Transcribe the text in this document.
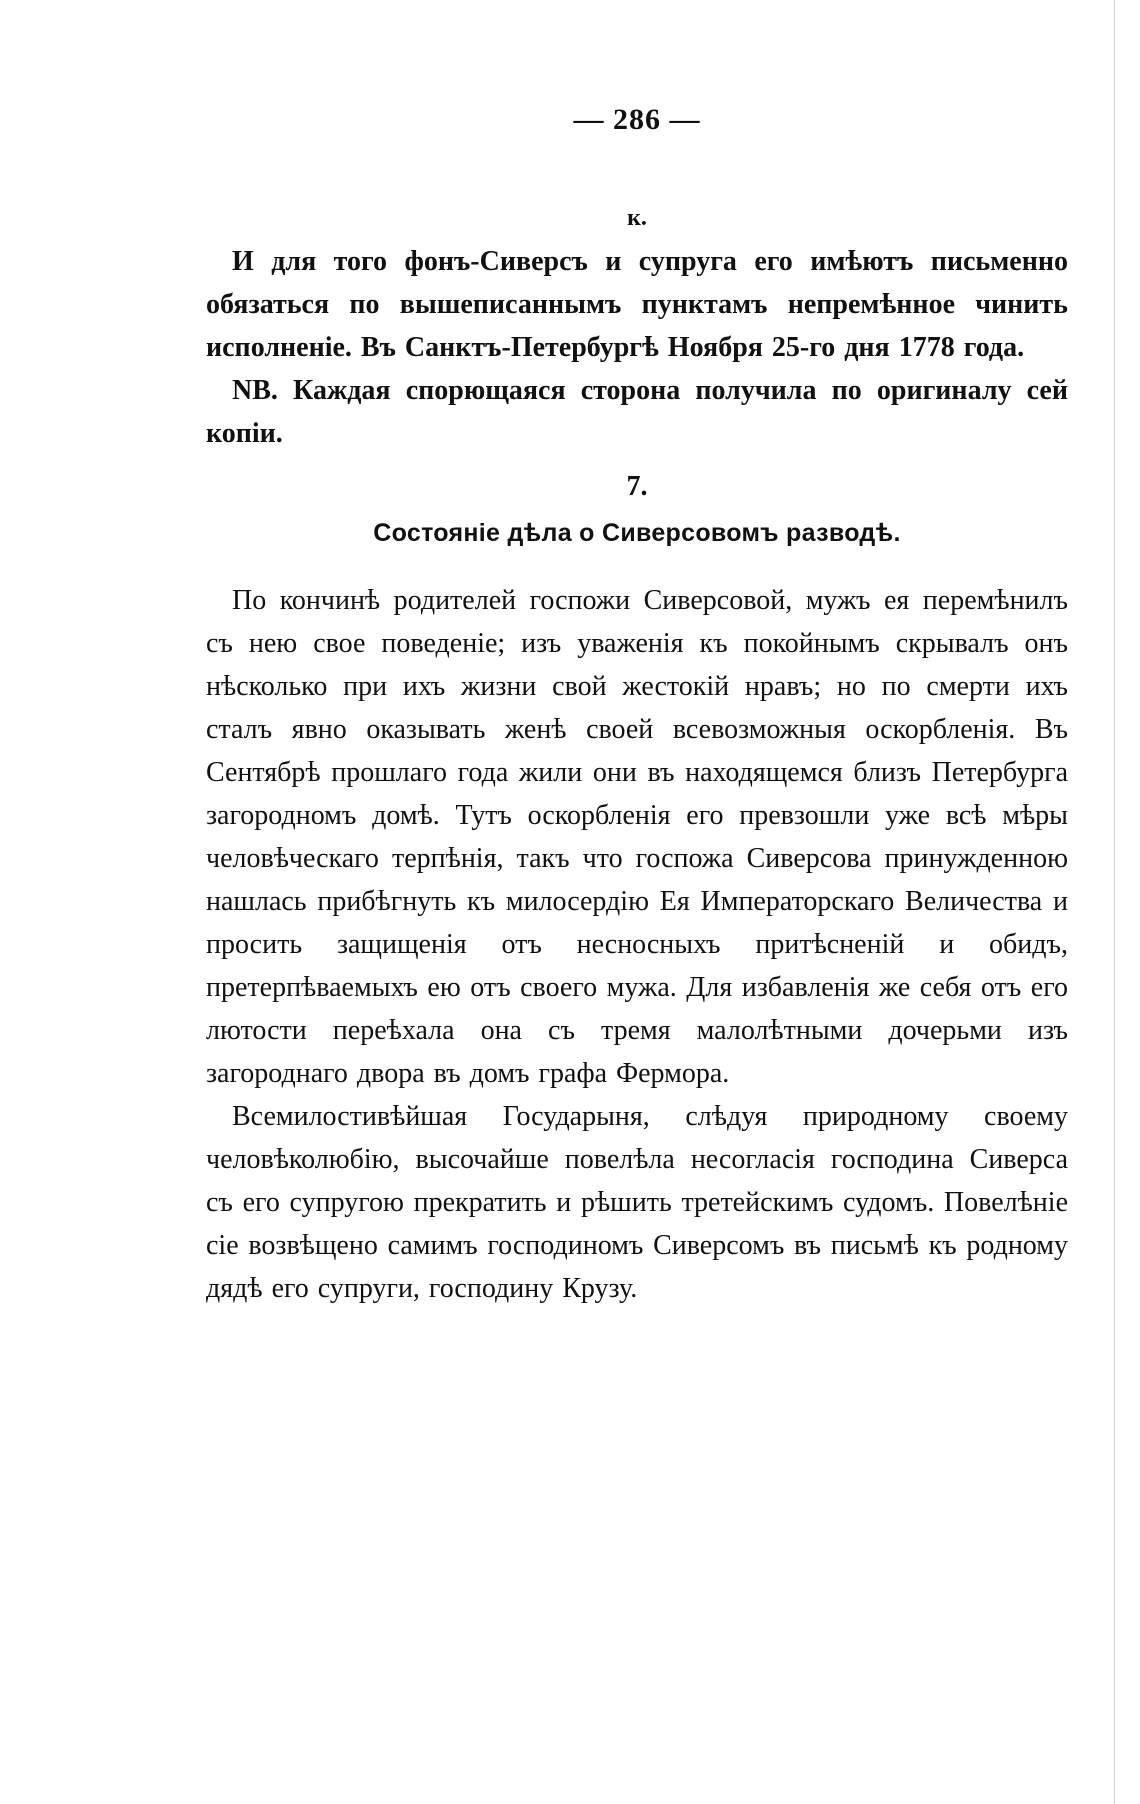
— 286 —
к.

И для того фонъ-Сиверсъ и супруга его имѣютъ письменно обязаться по вышеписаннымъ пунктамъ непремѣнное чинить исполненіе. Въ Санктъ-Петербургѣ Ноября 25-го дня 1778 года.

NB. Каждая спорющаяся сторона получила по оригиналу сей копіи.

7.
Состояніе дѣла о Сиверсовомъ разводѣ.

По кончинѣ родителей госпожи Сиверсовой, мужъ ея перемѣнилъ съ нею свое поведеніе; изъ уваженія къ покойнымъ скрывалъ онъ нѣсколько при ихъ жизни свой жестокій нравъ; но по смерти ихъ сталъ явно оказывать женѣ своей всевозможныя оскорбленія. Въ Сентябрѣ прошлаго года жили они въ находящемся близъ Петербурга загородномъ домѣ. Тутъ оскорбленія его превзошли уже всѣ мѣры человѣческаго терпѣнія, такъ что госпожа Сиверсова принужденною нашлась прибѣгнуть къ милосердію Ея Императорскаго Величества и просить защищенія отъ несносныхъ притѣсненій и обидъ, претерпѣваемыхъ ею отъ своего мужа. Для избавленія же себя отъ его лютости переѣхала она съ тремя малолѣтными дочерьми изъ загороднаго двора въ домъ графа Фермора.

Всемилостивѣйшая Государыня, слѣдуя природному своему человѣколюбію, высочайше повелѣла несогласія господина Сиверса съ его супругою прекратить и рѣшить третейскимъ судомъ. Повелѣніе сіе возвѣщено самимъ господиномъ Сиверсомъ въ письмѣ къ родному дядѣ его супруги, господину Крузу.
